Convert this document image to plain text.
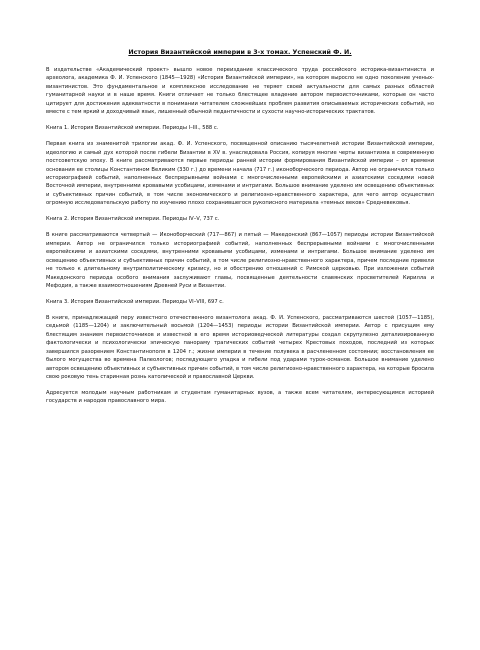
История Византийской империи в 3-х томах. Успенский Ф. И.

В издательстве «Академический проект» вышло новое переиздание классического труда российского историка-византиниста и археолога, академика Ф. И. Успенского (1845—1928) «История Византийской империи», на котором выросло не одно поколение ученых-византинистов. Это фундаментальное и комплексное исследование не теряет своей актуальности для самых разных областей гуманитарной науки и в наше время. Книги отличает не только блестящее владение автором первоисточниками, которые он часто цитирует для достижения адекватности в понимании читателем сложнейших проблем развития описываемых исторических событий, но вместе с тем яркий и доходчивый язык, лишенный обычной педантичности и сухости научно-исторических трактатов.

Книга 1. История Византийской империи. Периоды I–III., 588 с.

Первая книга из знаменитой трилогии акад. Ф. И. Успенского, посвященной описанию тысячелетней истории Византийской империи, идеологию и самый дух которой после гибели Византии в XV в. унаследовала Россия, копируя многие черты византизма в современную постсоветскую эпоху. В книге рассматриваются первые периоды ранней истории формирования Византийской империи – от времени основания ее столицы Константином Великим (330 г.) до времени начала (717 г.) иконоборческого периода. Автор не ограничился только историографией событий, наполненных беспрерывными войнами с многочисленными европейскими и азиатскими соседями новой Восточной империи, внутренними кровавыми усобицами, изменами и интригами. Большое внимание уделено им освещению объективных и субъективных причин событий, в том числе экономического и религиозно-нравственного характера, для чего автор осуществил огромную исследовательскую работу по изучению плохо сохранившегося рукописного материала «темных веков» Средневековья.

Книга 2. История Византийской империи. Периоды IV–V, 737 с.

В книге рассматриваются четвертый — Иконоборческий (717—867) и пятый — Македонский (867—1057) периоды истории Византийской империи. Автор не ограничился только историографией событий, наполненных беспрерывными войнами с многочисленными европейскими и азиатскими соседями, внутренними кровавыми усобицами, изменами и интригами. Большое внимание уделено им освещению объективных и субъективных причин событий, в том числе религиозно-нравственного характера, причем последние привели не только к длительному внутриполитическому кризису, но и обострению отношений с Римской церковью. При изложении событий Македонского периода особого внимания заслуживают главы, посвященные деятельности славянских просветителей Кирилла и Мефодия, а также взаимоотношениям Древней Руси и Византии.

Книга 3. История Византийской империи. Периоды VI–VIII, 697 с.

В книге, принадлежащей перу известного отечественного византолога акад. Ф. И. Успенского, рассматриваются шестой (1057—1185), седьмой (1185—1204) и заключительный восьмой (1204—1453) периоды истории Византийской империи. Автор с присущим ему блестящим знанием первоисточников и известной в его время историоведческой литературы создал скрупулезно детализированную фактологически и психологически эпическую панораму трагических событий четырех Крестовых походов, последний из которых завершился разорением Константинополя в 1204 г.; жизни империи в течение полувека в расчлененном состоянии; восстановления ее былого могущества во времена Палеологов; последующего упадка и гибели под ударами турок-османов. Большое внимание уделено автором освещению объективных и субъективных причин событий, в том числе религиозно-нравственного характера, на которые бросила свою роковую тень старинная рознь католической и православной Церкви.

Адресуется молодым научным работникам и студентам гуманитарных вузов, а также всем читателям, интересующимся историей государств и народов православного мира.
